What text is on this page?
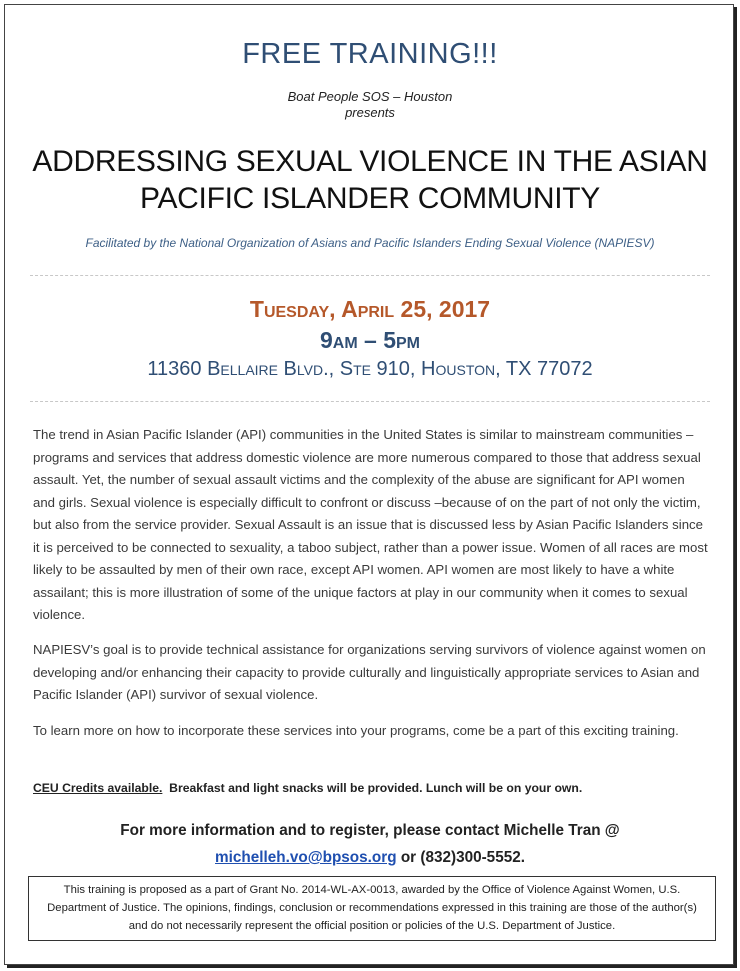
FREE TRAINING!!!
Boat People SOS – Houston
presents
ADDRESSING SEXUAL VIOLENCE IN THE ASIAN
PACIFIC ISLANDER COMMUNITY
Facilitated by the National Organization of Asians and Pacific Islanders Ending Sexual Violence (NAPIESV)
Tuesday, April 25, 2017
9am – 5pm
11360 Bellaire Blvd., Ste 910, Houston, TX 77072

The trend in Asian Pacific Islander (API) communities in the United States is similar to mainstream communities – programs and services that address domestic violence are more numerous compared to those that address sexual assault. Yet, the number of sexual assault victims and the complexity of the abuse are significant for API women and girls. Sexual violence is especially difficult to confront or discuss –because of on the part of not only the victim, but also from the service provider. Sexual Assault is an issue that is discussed less by Asian Pacific Islanders since it is perceived to be connected to sexuality, a taboo subject, rather than a power issue. Women of all races are most likely to be assaulted by men of their own race, except API women. API women are most likely to have a white assailant; this is more illustration of some of the unique factors at play in our community when it comes to sexual violence.

NAPIESV’s goal is to provide technical assistance for organizations serving survivors of violence against women on developing and/or enhancing their capacity to provide culturally and linguistically appropriate services to Asian and Pacific Islander (API) survivor of sexual violence.

To learn more on how to incorporate these services into your programs, come be a part of this exciting training.

CEU Credits available. Breakfast and light snacks will be provided. Lunch will be on your own.
For more information and to register, please contact Michelle Tran @
michelleh.vo@bpsos.org or (832)300-5552.
This training is proposed as a part of Grant No. 2014-WL-AX-0013, awarded by the Office of Violence Against Women, U.S. Department of Justice. The opinions, findings, conclusion or recommendations expressed in this training are those of the author(s) and do not necessarily represent the official position or policies of the U.S. Department of Justice.
